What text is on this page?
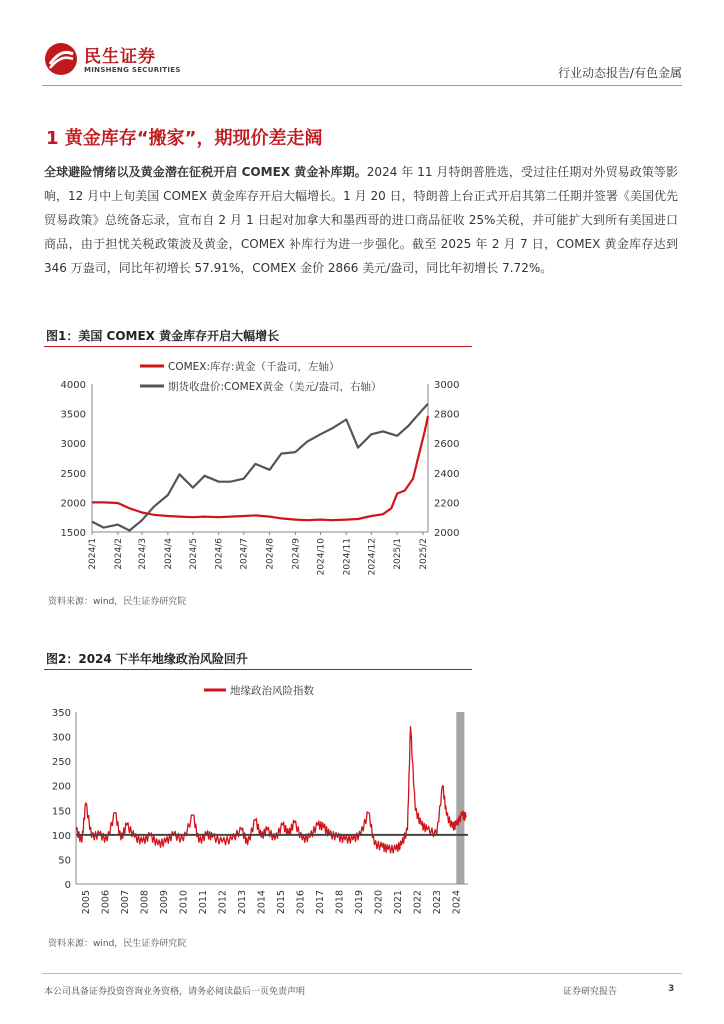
民生证券
MINSHENG SECURITIES	行业动态报告/有色金属
1 黄金库存“搬家”，期现价差走阔
全球避险情绪以及黄金潜在征税开启 COMEX 黄金补库期。2024 年 11 月特朗普胜选，受过往任期对外贸易政策等影响，12 月中上旬美国 COMEX 黄金库存开启大幅增长。1 月 20 日，特朗普上台正式开启其第二任期并签署《美国优先贸易政策》总统备忘录，宣布自 2 月 1 日起对加拿大和墨西哥的进口商品征收 25%关税，并可能扩大到所有美国进口商品，由于担忧关税政策波及黄金，COMEX 补库行为进一步强化。截至 2025 年 2 月 7 日，COMEX 黄金库存达到 346 万盎司，同比年初增长 57.91%，COMEX 金价 2866 美元/盎司，同比年初增长 7.72%。
图1：美国 COMEX 黄金库存开启大幅增长
1500
2000
2500
3000
3500
4000
2000
2200
2400
2600
2800
3000
2024/1 2024/2 2024/3 2024/4 2024/5 2024/6 2024/7 2024/8 2024/9 2024/10 2024/11 2024/12 2025/1 2025/2
COMEX:库存:黄金（千盎司，左轴）
期货收盘价:COMEX黄金（美元/盎司，右轴）
资料来源：wind，民生证券研究院
图2：2024 下半年地缘政治风险回升
0
50
100
150
200
250
300
350
2005 2006 2007 2008 2009 2010 2011 2012 2013 2014 2015 2016 2017 2018 2019 2020 2021 2022 2023 2024
地缘政治风险指数
资料来源：wind，民生证券研究院
本公司具备证券投资咨询业务资格，请务必阅读最后一页免责声明	证券研究报告	3
